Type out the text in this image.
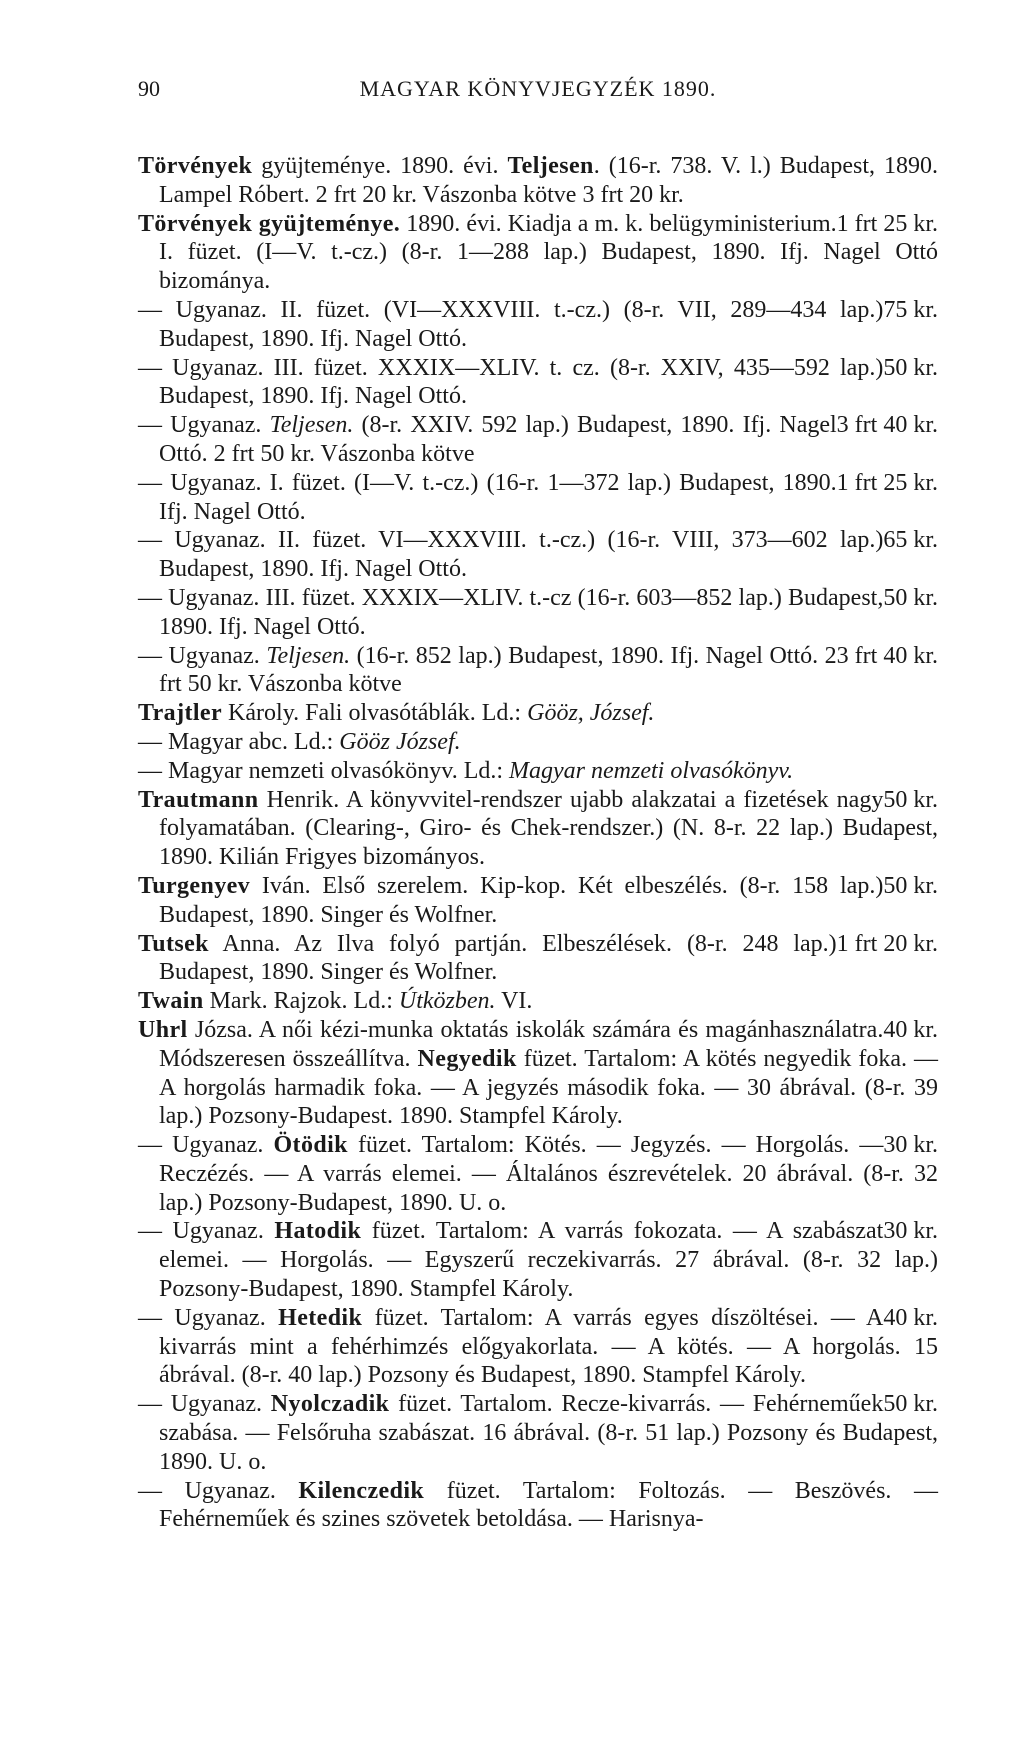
90	MAGYAR KÖNYVJEGYZÉK 1890.

Törvények gyüjteménye. 1890. évi. Teljesen. (16-r. 738. V. l.) Budapest, 1890. Lampel Róbert. 2 frt 20 kr. Vászonba kötve 3 frt 20 kr.

1 frt 25 kr.
Törvények gyüjteménye. 1890. évi. Kiadja a m. k. belügyministerium. I. füzet. (I—V. t.-cz.) (8-r. 1—288 lap.) Budapest, 1890. Ifj. Nagel Ottó bizománya.

75 kr.
— Ugyanaz. II. füzet. (VI—XXXVIII. t.-cz.) (8-r. VII, 289—434 lap.) Budapest, 1890. Ifj. Nagel Ottó.

50 kr.
— Ugyanaz. III. füzet. XXXIX—XLIV. t. cz. (8-r. XXIV, 435—592 lap.) Budapest, 1890. Ifj. Nagel Ottó.

3 frt 40 kr.
— Ugyanaz. Teljesen. (8-r. XXIV. 592 lap.) Budapest, 1890. Ifj. Nagel Ottó. 2 frt 50 kr. Vászonba kötve

1 frt 25 kr.
— Ugyanaz. I. füzet. (I—V. t.-cz.) (16-r. 1—372 lap.) Budapest, 1890. Ifj. Nagel Ottó.

65 kr.
— Ugyanaz. II. füzet. VI—XXXVIII. t.-cz.) (16-r. VIII, 373—602 lap.) Budapest, 1890. Ifj. Nagel Ottó.

50 kr.
— Ugyanaz. III. füzet. XXXIX—XLIV. t.-cz (16-r. 603—852 lap.) Budapest, 1890. Ifj. Nagel Ottó.

3 frt 40 kr.
— Ugyanaz. Teljesen. (16-r. 852 lap.) Budapest, 1890. Ifj. Nagel Ottó. 2 frt 50 kr. Vászonba kötve

Trajtler Károly. Fali olvasótáblák. Ld.: Gööz, József.

— Magyar abc. Ld.: Gööz József.

— Magyar nemzeti olvasókönyv. Ld.: Magyar nemzeti olvasókönyv.

50 kr.
Trautmann Henrik. A könyvvitel-rendszer ujabb alakzatai a fizetések nagy folyamatában. (Clearing-, Giro- és Chek-rendszer.) (N. 8-r. 22 lap.) Budapest, 1890. Kilián Frigyes bizományos.

50 kr.
Turgenyev Iván. Első szerelem. Kip-kop. Két elbeszélés. (8-r. 158 lap.) Budapest, 1890. Singer és Wolfner.

1 frt 20 kr.
Tutsek Anna. Az Ilva folyó partján. Elbeszélések. (8-r. 248 lap.) Budapest, 1890. Singer és Wolfner.

Twain Mark. Rajzok. Ld.: Útközben. VI.

40 kr.
Uhrl Józsa. A női kézi-munka oktatás iskolák számára és magánhasználatra. Módszeresen összeállítva. Negyedik füzet. Tartalom: A kötés negyedik foka. — A horgolás harmadik foka. — A jegyzés második foka. — 30 ábrával. (8-r. 39 lap.) Pozsony-Budapest. 1890. Stampfel Károly.

30 kr.
— Ugyanaz. Ötödik füzet. Tartalom: Kötés. — Jegyzés. — Horgolás. — Reczézés. — A varrás elemei. — Általános észrevételek. 20 ábrával. (8-r. 32 lap.) Pozsony-Budapest, 1890. U. o.

30 kr.
— Ugyanaz. Hatodik füzet. Tartalom: A varrás fokozata. — A szabászat elemei. — Horgolás. — Egyszerű reczekivarrás. 27 ábrával. (8-r. 32 lap.) Pozsony-Budapest, 1890. Stampfel Károly.

40 kr.
— Ugyanaz. Hetedik füzet. Tartalom: A varrás egyes díszöltései. — A kivarrás mint a fehérhimzés előgyakorlata. — A kötés. — A horgolás. 15 ábrával. (8-r. 40 lap.) Pozsony és Budapest, 1890. Stampfel Károly.

50 kr.
— Ugyanaz. Nyolczadik füzet. Tartalom. Recze-kivarrás. — Fehérneműek szabása. — Felsőruha szabászat. 16 ábrával. (8-r. 51 lap.) Pozsony és Budapest, 1890. U. o.

— Ugyanaz. Kilenczedik füzet. Tartalom: Foltozás. — Beszövés. — Fehérneműek és szines szövetek betoldása. — Harisnya-
